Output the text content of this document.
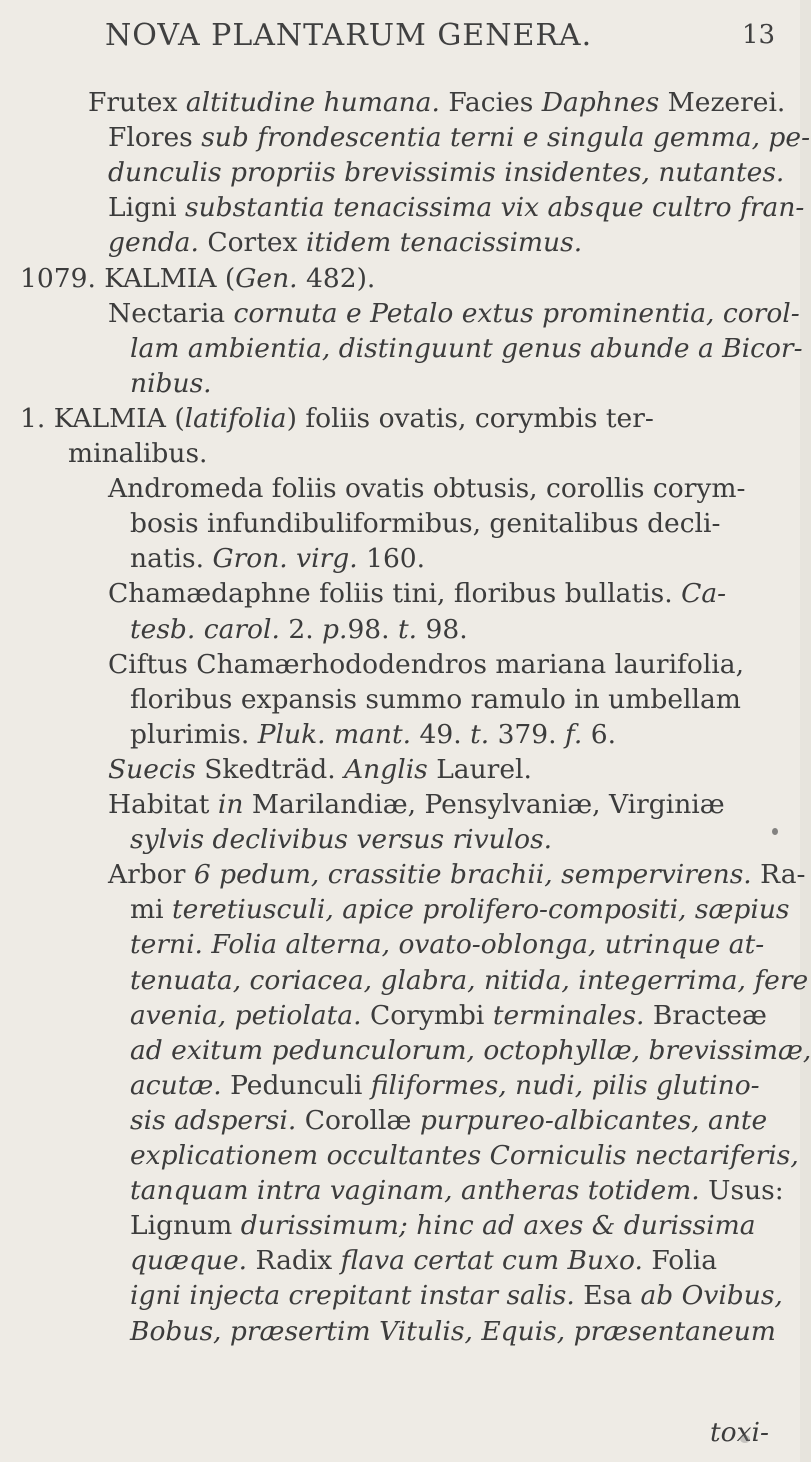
NOVA PLANTARUM GENERA.	13
Frutex altitudine humana. Facies Daphnes Mezerei.
Flores sub frondescentia terni e singula gemma, pe-
dunculis propriis brevissimis insidentes, nutantes.
Ligni substantia tenacissima vix absque cultro fran-
genda. Cortex itidem tenacissimus.
1079. KALMIA (Gen. 482).
Nectaria cornuta e Petalo extus prominentia, corol-
lam ambientia, distinguunt genus abunde a Bicor-
nibus.
1. KALMIA (latifolia) foliis ovatis, corymbis ter-
minalibus.
Andromeda foliis ovatis obtusis, corollis corym-
bosis infundibuliformibus, genitalibus decli-
natis. Gron. virg. 160.
Chamædaphne foliis tini, floribus bullatis. Ca-
tesb. carol. 2. p.98. t. 98.
Ciftus Chamærhododendros mariana laurifolia,
floribus expansis summo ramulo in umbellam
plurimis. Pluk. mant. 49. t. 379. f. 6.
Suecis Skedträd. Anglis Laurel.
Habitat in Marilandiæ, Pensylvaniæ, Virginiæ
sylvis declivibus versus rivulos.
Arbor 6 pedum, crassitie brachii, sempervirens. Ra-
mi teretiusculi, apice prolifero-compositi, sæpius
terni. Folia alterna, ovato-oblonga, utrinque at-
tenuata, coriacea, glabra, nitida, integerrima, fere
avenia, petiolata. Corymbi terminales. Bracteæ
ad exitum pedunculorum, octophyllæ, brevissimæ,
acutæ. Pedunculi filiformes, nudi, pilis glutino-
sis adspersi. Corollæ purpureo-albicantes, ante
explicationem occultantes Corniculis nectariferis,
tanquam intra vaginam, antheras totidem. Usus:
Lignum durissimum; hinc ad axes & durissima
quæque. Radix flava certat cum Buxo. Folia
igni injecta crepitant instar salis. Esa ab Ovibus,
Bobus, præsertim Vitulis, Equis, præsentaneum
toxi-
